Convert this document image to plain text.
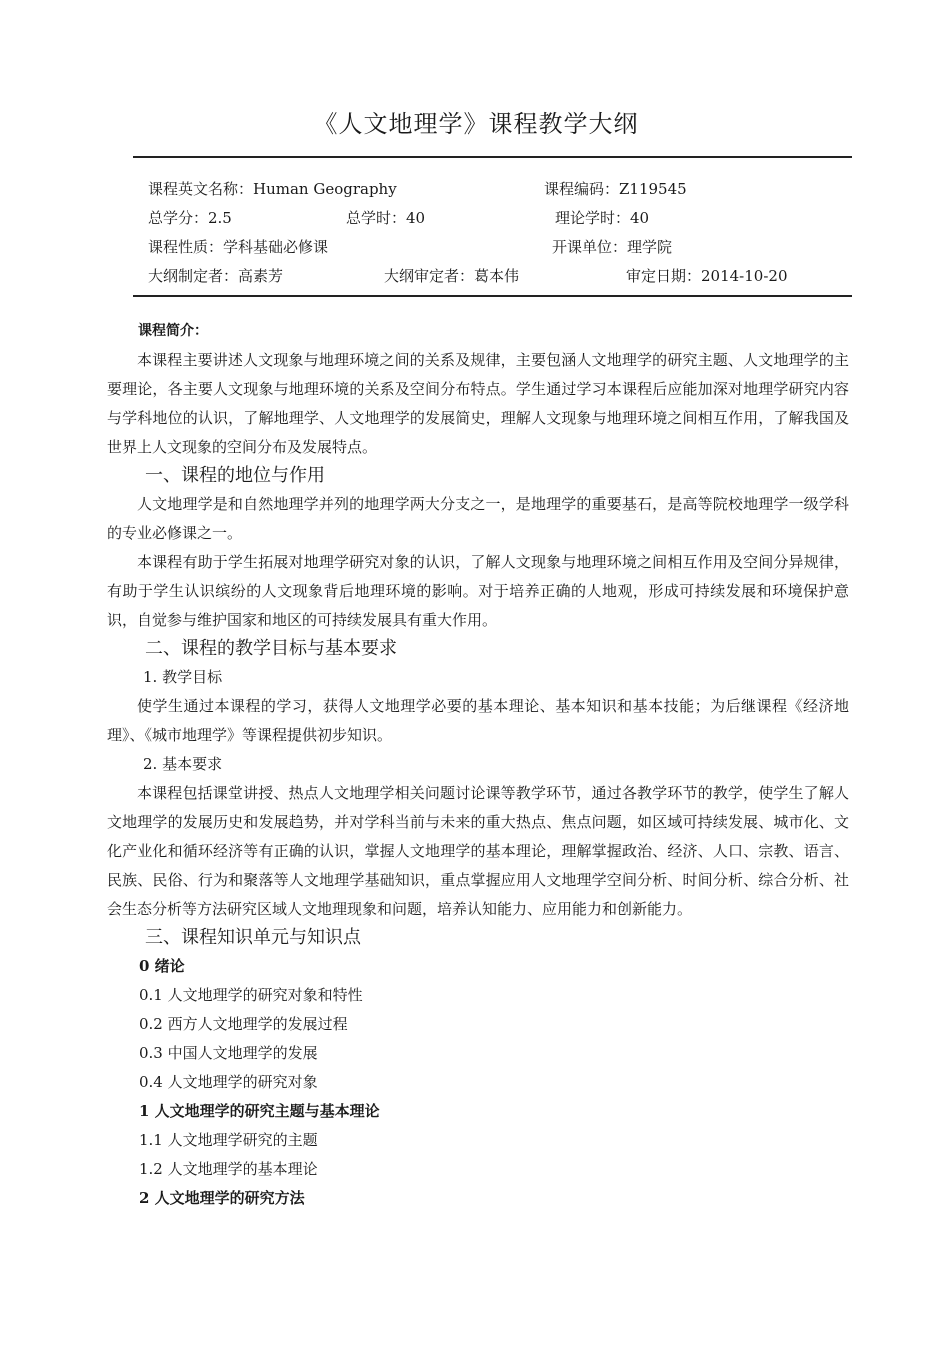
《人文地理学》课程教学大纲
课程英文名称：Human Geography	课程编码：Z119545
总学分：2.5	总学时：40	理论学时：40
课程性质：学科基础必修课	开课单位：理学院
大纲制定者：高素芳	大纲审定者：葛本伟	审定日期：2014-10-20
课程简介：

本课程主要讲述人文现象与地理环境之间的关系及规律，主要包涵人文地理学的研究主题、人文地理学的主要理论，各主要人文现象与地理环境的关系及空间分布特点。学生通过学习本课程后应能加深对地理学研究内容与学科地位的认识，了解地理学、人文地理学的发展简史，理解人文现象与地理环境之间相互作用，了解我国及世界上人文现象的空间分布及发展特点。

一、课程的地位与作用

人文地理学是和自然地理学并列的地理学两大分支之一，是地理学的重要基石，是高等院校地理学一级学科的专业必修课之一。

本课程有助于学生拓展对地理学研究对象的认识，了解人文现象与地理环境之间相互作用及空间分异规律，有助于学生认识缤纷的人文现象背后地理环境的影响。对于培养正确的人地观，形成可持续发展和环境保护意识，自觉参与维护国家和地区的可持续发展具有重大作用。

二、课程的教学目标与基本要求
1. 教学目标

使学生通过本课程的学习，获得人文地理学必要的基本理论、基本知识和基本技能；为后继课程《经济地理》、《城市地理学》等课程提供初步知识。

2. 基本要求

本课程包括课堂讲授、热点人文地理学相关问题讨论课等教学环节，通过各教学环节的教学，使学生了解人文地理学的发展历史和发展趋势，并对学科当前与未来的重大热点、焦点问题，如区域可持续发展、城市化、文化产业化和循环经济等有正确的认识，掌握人文地理学的基本理论，理解掌握政治、经济、人口、宗教、语言、民族、民俗、行为和聚落等人文地理学基础知识，重点掌握应用人文地理学空间分析、时间分析、综合分析、社会生态分析等方法研究区域人文地理现象和问题，培养认知能力、应用能力和创新能力。

三、课程知识单元与知识点
0 绪论
0.1 人文地理学的研究对象和特性
0.2 西方人文地理学的发展过程
0.3 中国人文地理学的发展
0.4 人文地理学的研究对象
1 人文地理学的研究主题与基本理论
1.1 人文地理学研究的主题
1.2 人文地理学的基本理论
2 人文地理学的研究方法
